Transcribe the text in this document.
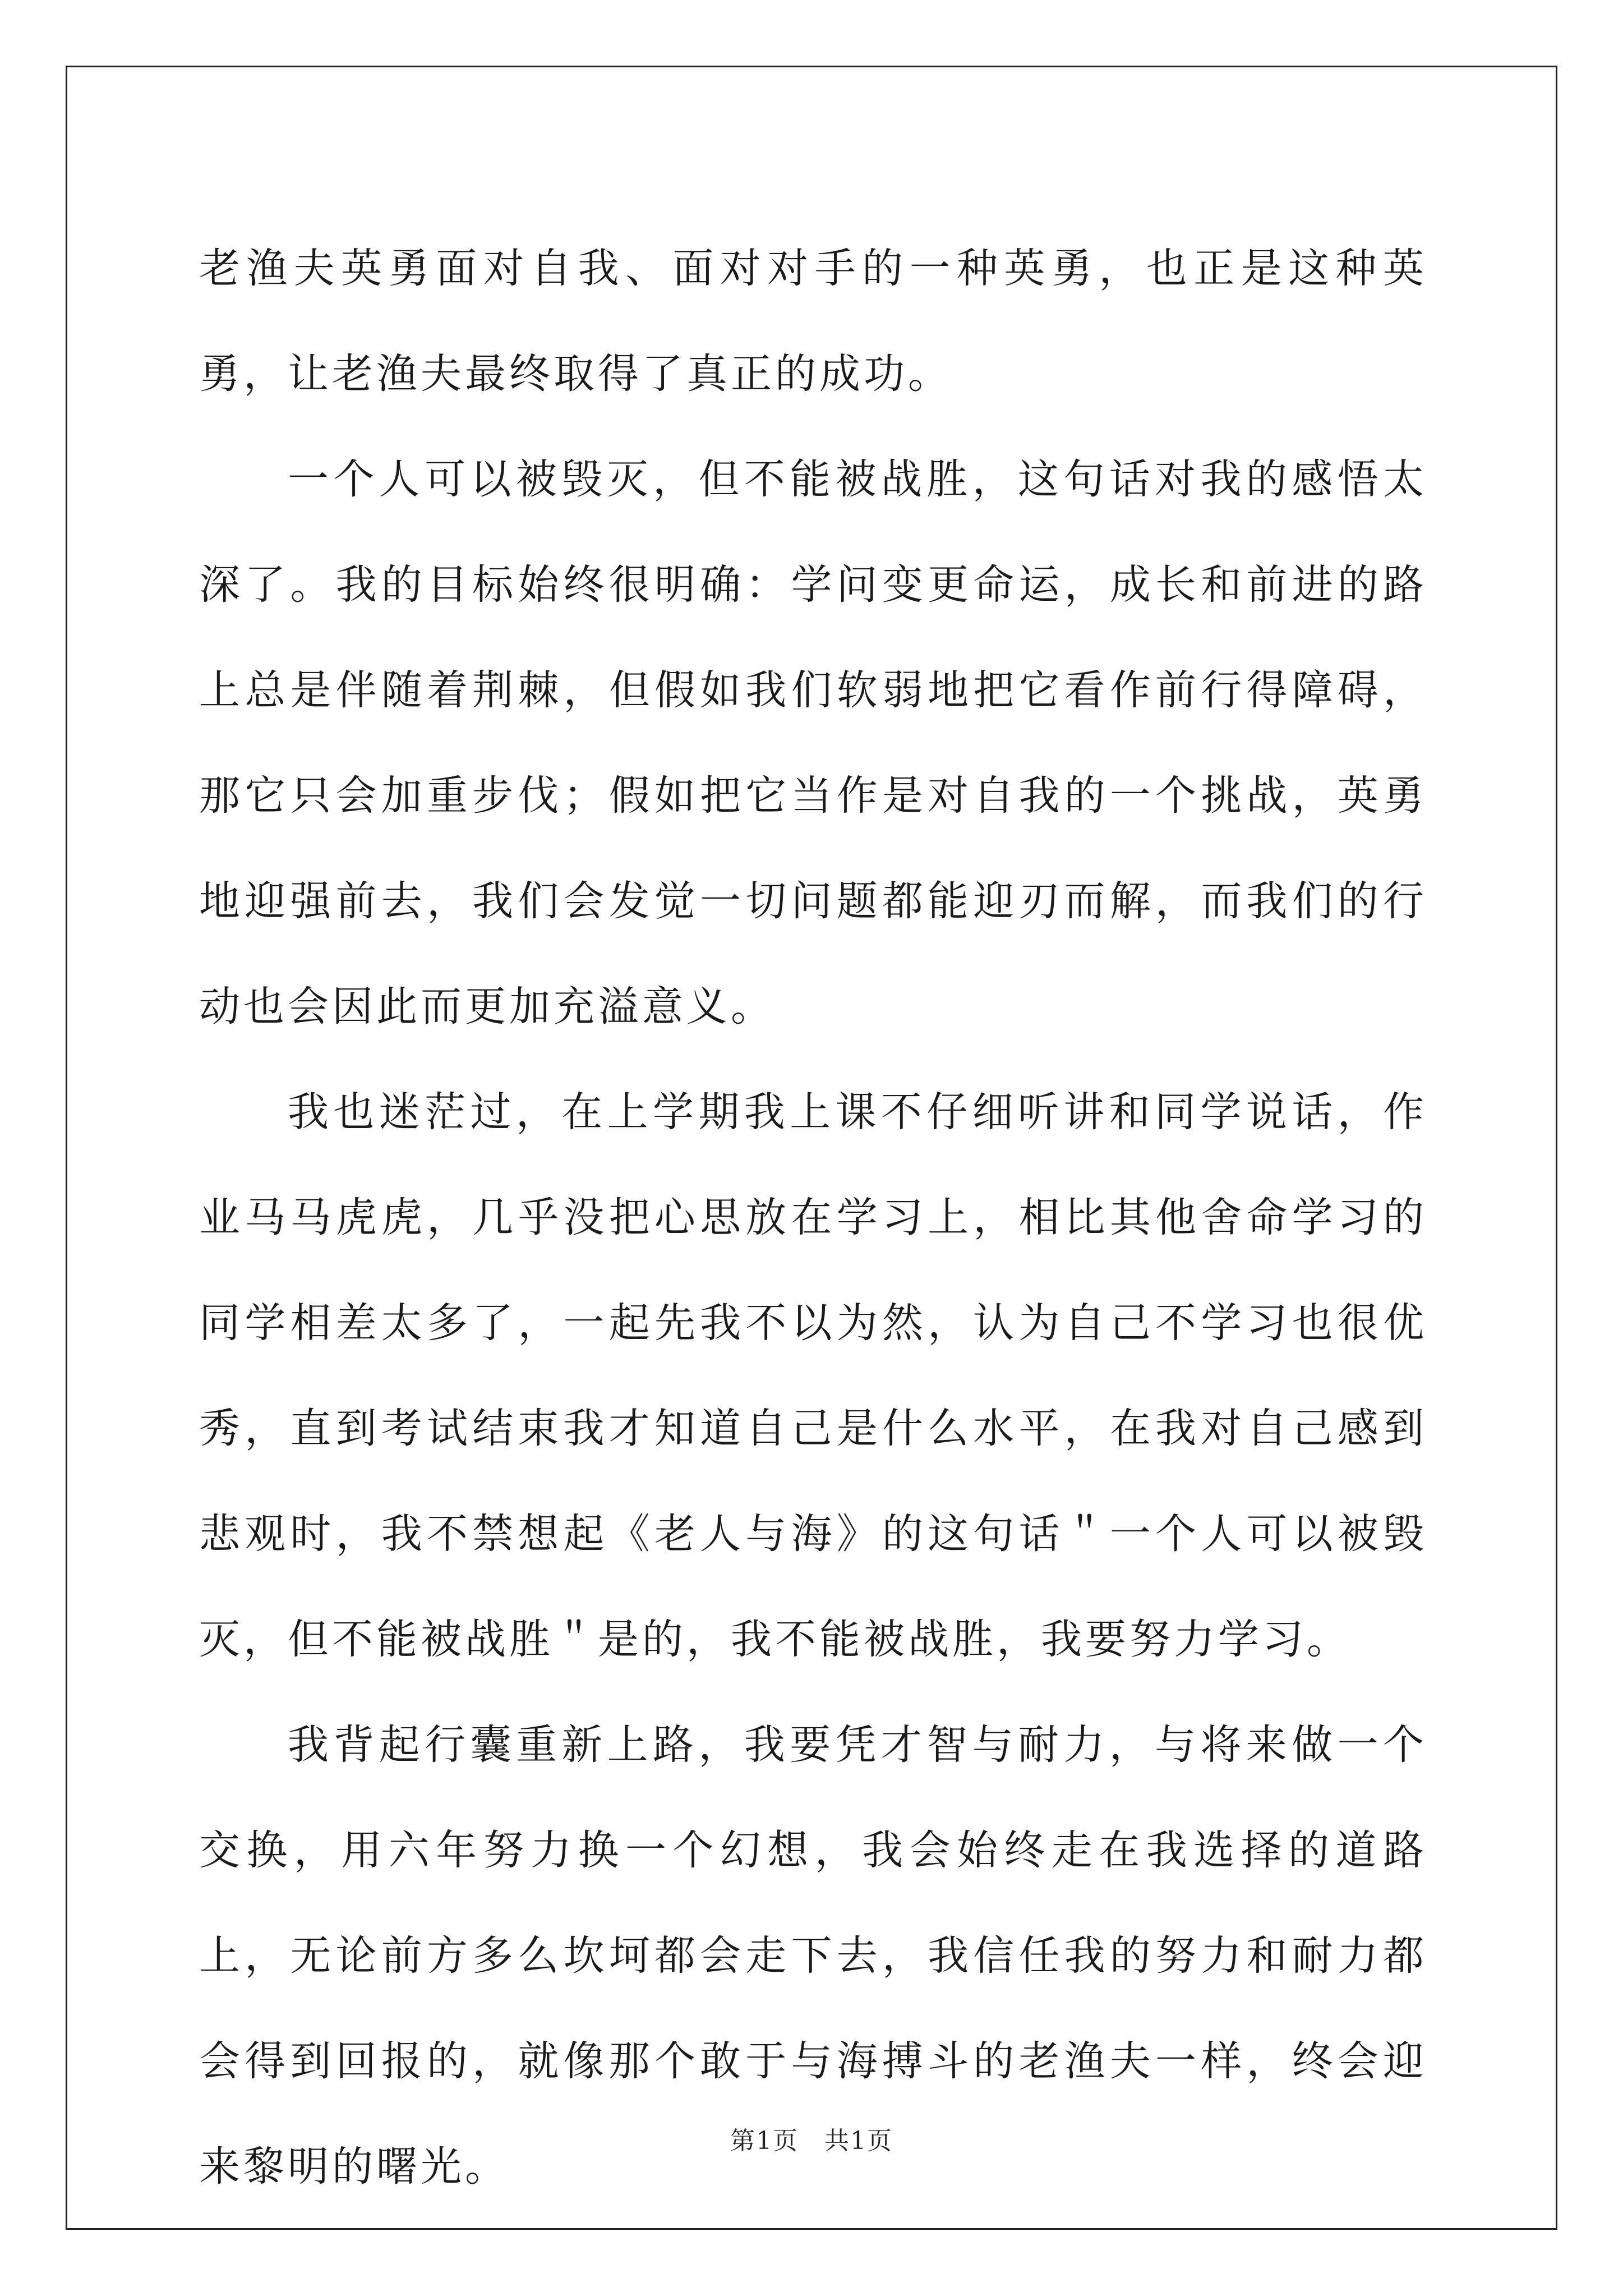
老渔夫英勇面对自我、面对对手的一种英勇，也正是这种英勇，让老渔夫最终取得了真正的成功。

一个人可以被毁灭，但不能被战胜，这句话对我的感悟太深了。我的目标始终很明确：学问变更命运，成长和前进的路上总是伴随着荆棘，但假如我们软弱地把它看作前行得障碍，那它只会加重步伐；假如把它当作是对自我的一个挑战，英勇地迎强前去，我们会发觉一切问题都能迎刃而解，而我们的行动也会因此而更加充溢意义。

我也迷茫过，在上学期我上课不仔细听讲和同学说话，作业马马虎虎，几乎没把心思放在学习上，相比其他舍命学习的同学相差太多了，一起先我不以为然，认为自己不学习也很优秀，直到考试结束我才知道自己是什么水平，在我对自己感到悲观时，我不禁想起《老人与海》的这句话＂一个人可以被毁灭，但不能被战胜＂是的，我不能被战胜，我要努力学习。

我背起行囊重新上路，我要凭才智与耐力，与将来做一个交换，用六年努力换一个幻想，我会始终走在我选择的道路上，无论前方多么坎坷都会走下去，我信任我的努力和耐力都会得到回报的，就像那个敢于与海搏斗的老渔夫一样，终会迎来黎明的曙光。

第1页　共1页
